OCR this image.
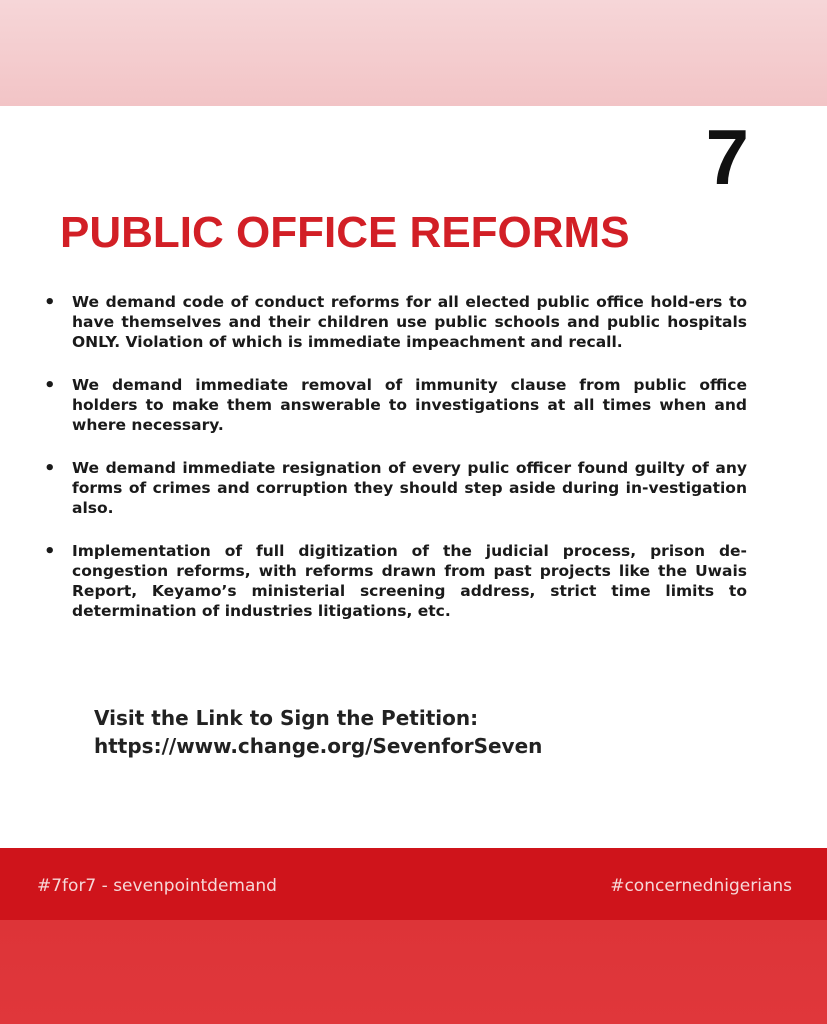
7
PUBLIC OFFICE REFORMS
• We demand code of conduct reforms for all elected public office hold-ers to have themselves and their children use public schools and public hospitals ONLY. Violation of which is immediate impeachment and recall.
• We demand immediate removal of immunity clause from public office holders to make them answerable to investigations at all times when and where necessary.
• We demand immediate resignation of every pulic officer found guilty of any forms of crimes and corruption they should step aside during in-vestigation also.
• Implementation of full digitization of the judicial process, prison de-congestion reforms, with reforms drawn from past projects like the Uwais Report, Keyamo’s ministerial screening address, strict time limits to determination of industries litigations, etc.
Visit the Link to Sign the Petition:
https://www.change.org/SevenforSeven
#7for7 - sevenpointdemand	#concernednigerians
